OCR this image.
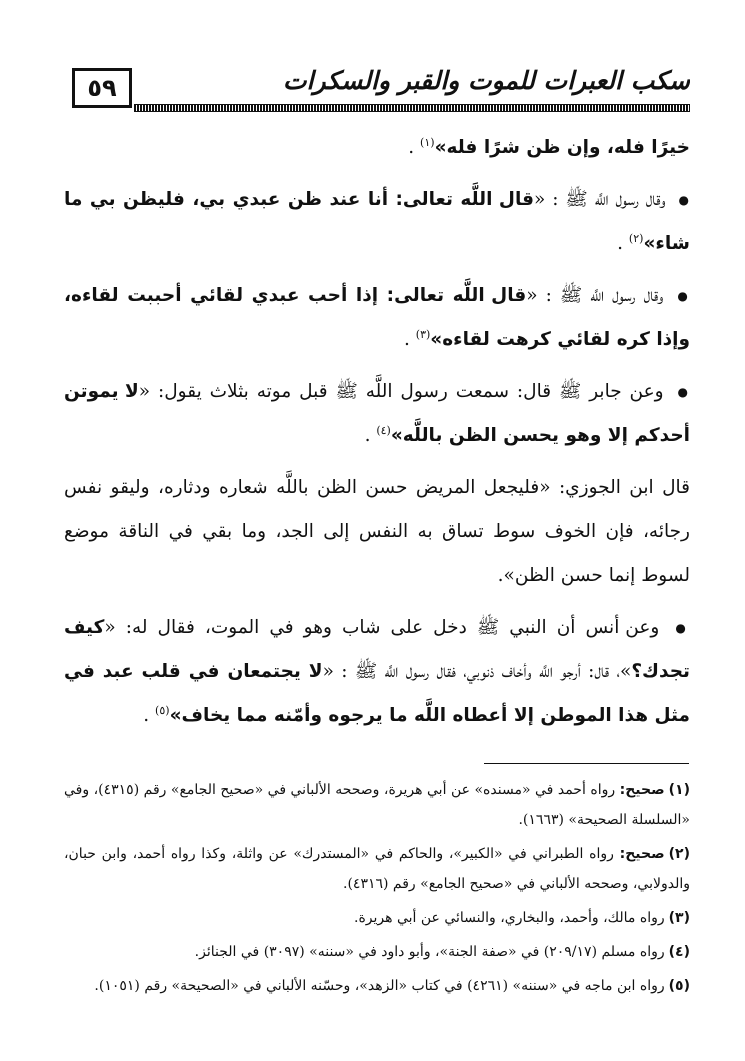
٥٩	سكب العبرات للموت والقبر والسكرات

خيرًا فله، وإن ظن شرًا فله»$^{(١)}$ .

● وقال رسول اللَّه ﷺ : «قال اللَّه تعالى: أنا عند ظن عبدي بي، فليظن بي ما شاء»$^{(٢)}$ .

● وقال رسول اللَّه ﷺ : «قال اللَّه تعالى: إذا أحب عبدي لقائي أحببت لقاءه، وإذا كره لقائي كرهت لقاءه»$^{(٣)}$ .

● وعن جابر ﷺ قال: سمعت رسول اللَّه ﷺ قبل موته بثلاث يقول: «لا يموتن أحدكم إلا وهو يحسن الظن باللَّه»$^{(٤)}$ .

قال ابن الجوزي: «فليجعل المريض حسن الظن باللَّه شعاره ودثاره، وليقو نفس رجائه، فإن الخوف سوط تساق به النفس إلى الجد، وما بقي في الناقة موضع لسوط إنما حسن الظن».

● وعن أنس أن النبي ﷺ دخل على شاب وهو في الموت، فقال له: «كيف تجدك؟»، قال: أرجو اللَّه وأخاف ذنوبي، فقال رسول اللَّه ﷺ : «لا يجتمعان في قلب عبد في مثل هذا الموطن إلا أعطاه اللَّه ما يرجوه وأمّنه مما يخاف»$^{(٥)}$ .

(١)صحيح: رواه أحمد في «مسنده» عن أبي هريرة، وصححه الألباني في «صحيح الجامع» رقم (٤٣١٥)، وفي «السلسلة الصحيحة» (١٦٦٣).
(٢)صحيح: رواه الطبراني في «الكبير»، والحاكم في «المستدرك» عن واثلة، وكذا رواه أحمد، وابن حبان، والدولابي، وصححه الألباني في «صحيح الجامع» رقم (٤٣١٦).
(٣)رواه مالك، وأحمد، والبخاري، والنسائي عن أبي هريرة.
(٤)رواه مسلم (٢٠٩/١٧) في «صفة الجنة»، وأبو داود في «سننه» (٣٠٩٧) في الجنائز.
(٥)رواه ابن ماجه في «سننه» (٤٢٦١) في كتاب «الزهد»، وحسّنه الألباني في «الصحيحة» رقم (١٠٥١).
